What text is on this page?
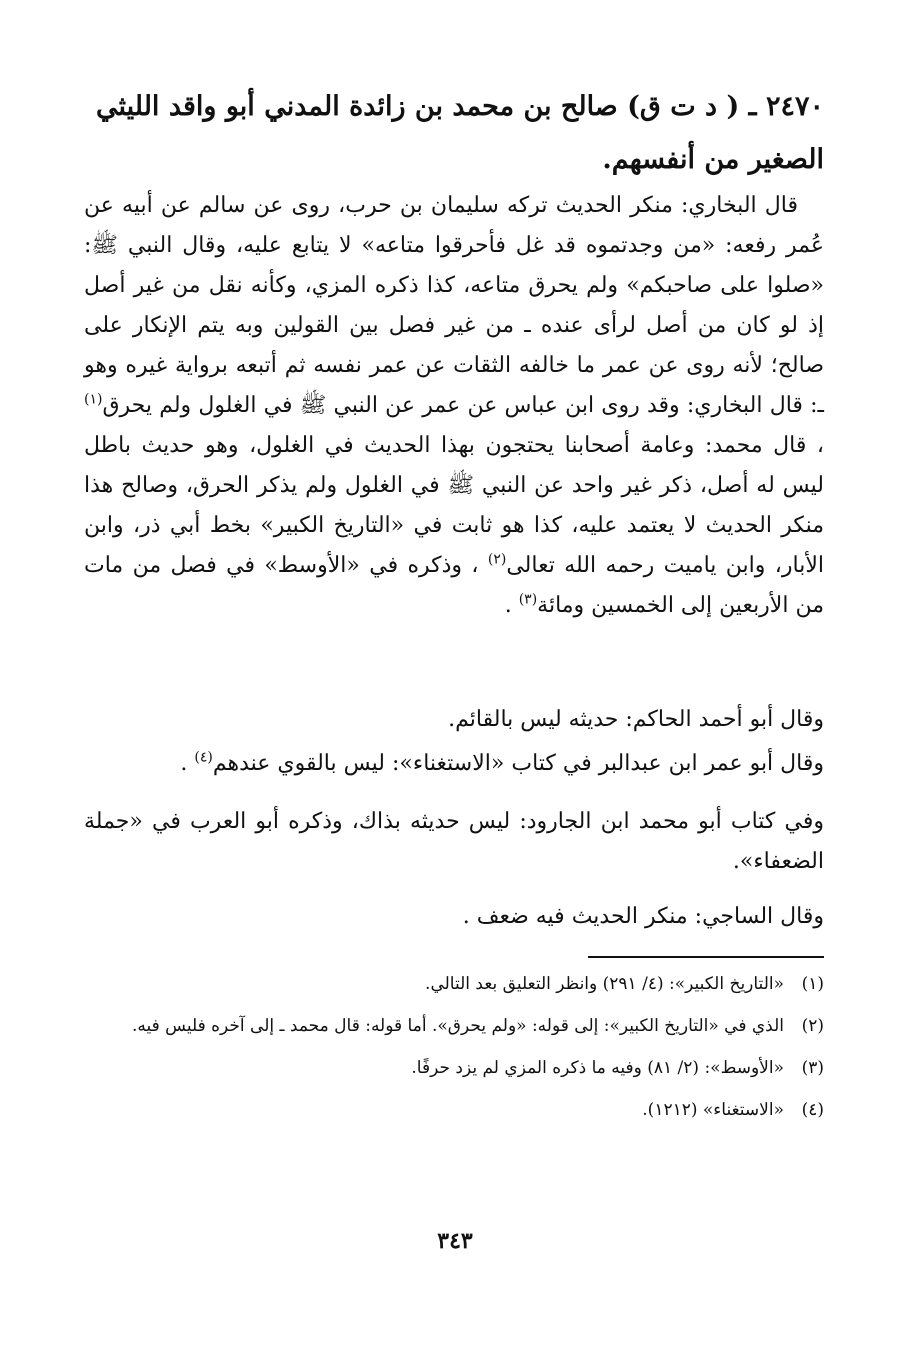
٢٤٧٠ ـ ( د ت ق) صالح بن محمد بن زائدة المدني أبو واقد الليثي
الصغير من أنفسهم.
قال البخاري: منكر الحديث تركه سليمان بن حرب، روى عن سالم عن أبيه عن عُمر رفعه: «من وجدتموه قد غل فأحرقوا متاعه» لا يتابع عليه، وقال النبي ﷺ: «صلوا على صاحبكم» ولم يحرق متاعه، كذا ذكره المزي، وكأنه نقل من غير أصل إذ لو كان من أصل لرأى عنده ـ من غير فصل بين القولين وبه يتم الإنكار على صالح؛ لأنه روى عن عمر ما خالفه الثقات عن عمر نفسه ثم أتبعه برواية غيره وهو ـ: قال البخاري: وقد روى ابن عباس عن عمر عن النبي ﷺ في الغلول ولم يحرق$^{(١)}$ ، قال محمد: وعامة أصحابنا يحتجون بهذا الحديث في الغلول، وهو حديث باطل ليس له أصل، ذكر غير واحد عن النبي ﷺ في الغلول ولم يذكر الحرق، وصالح هذا منكر الحديث لا يعتمد عليه، كذا هو ثابت في «التاريخ الكبير» بخط أبي ذر، وابن الأبار، وابن ياميت رحمه الله تعالى$^{(٢)}$ ، وذكره في «الأوسط» في فصل من مات من الأربعين إلى الخمسين ومائة$^{(٣)}$ .
وقال أبو أحمد الحاكم: حديثه ليس بالقائم.
وقال أبو عمر ابن عبدالبر في كتاب «الاستغناء»: ليس بالقوي عندهم$^{(٤)}$ .
وفي كتاب أبو محمد ابن الجارود: ليس حديثه بذاك، وذكره أبو العرب في «جملة الضعفاء».
وقال الساجي: منكر الحديث فيه ضعف .
(١)
«التاريخ الكبير»: (٤/ ٢٩١) وانظر التعليق بعد التالي.
(٢)
الذي في «التاريخ الكبير»: إلى قوله: «ولم يحرق». أما قوله: قال محمد ـ إلى آخره فليس فيه.
(٣)
«الأوسط»: (٢/ ٨١) وفيه ما ذكره المزي لم يزد حرفًا.
(٤)
«الاستغناء» (١٢١٢).
٣٤٣
